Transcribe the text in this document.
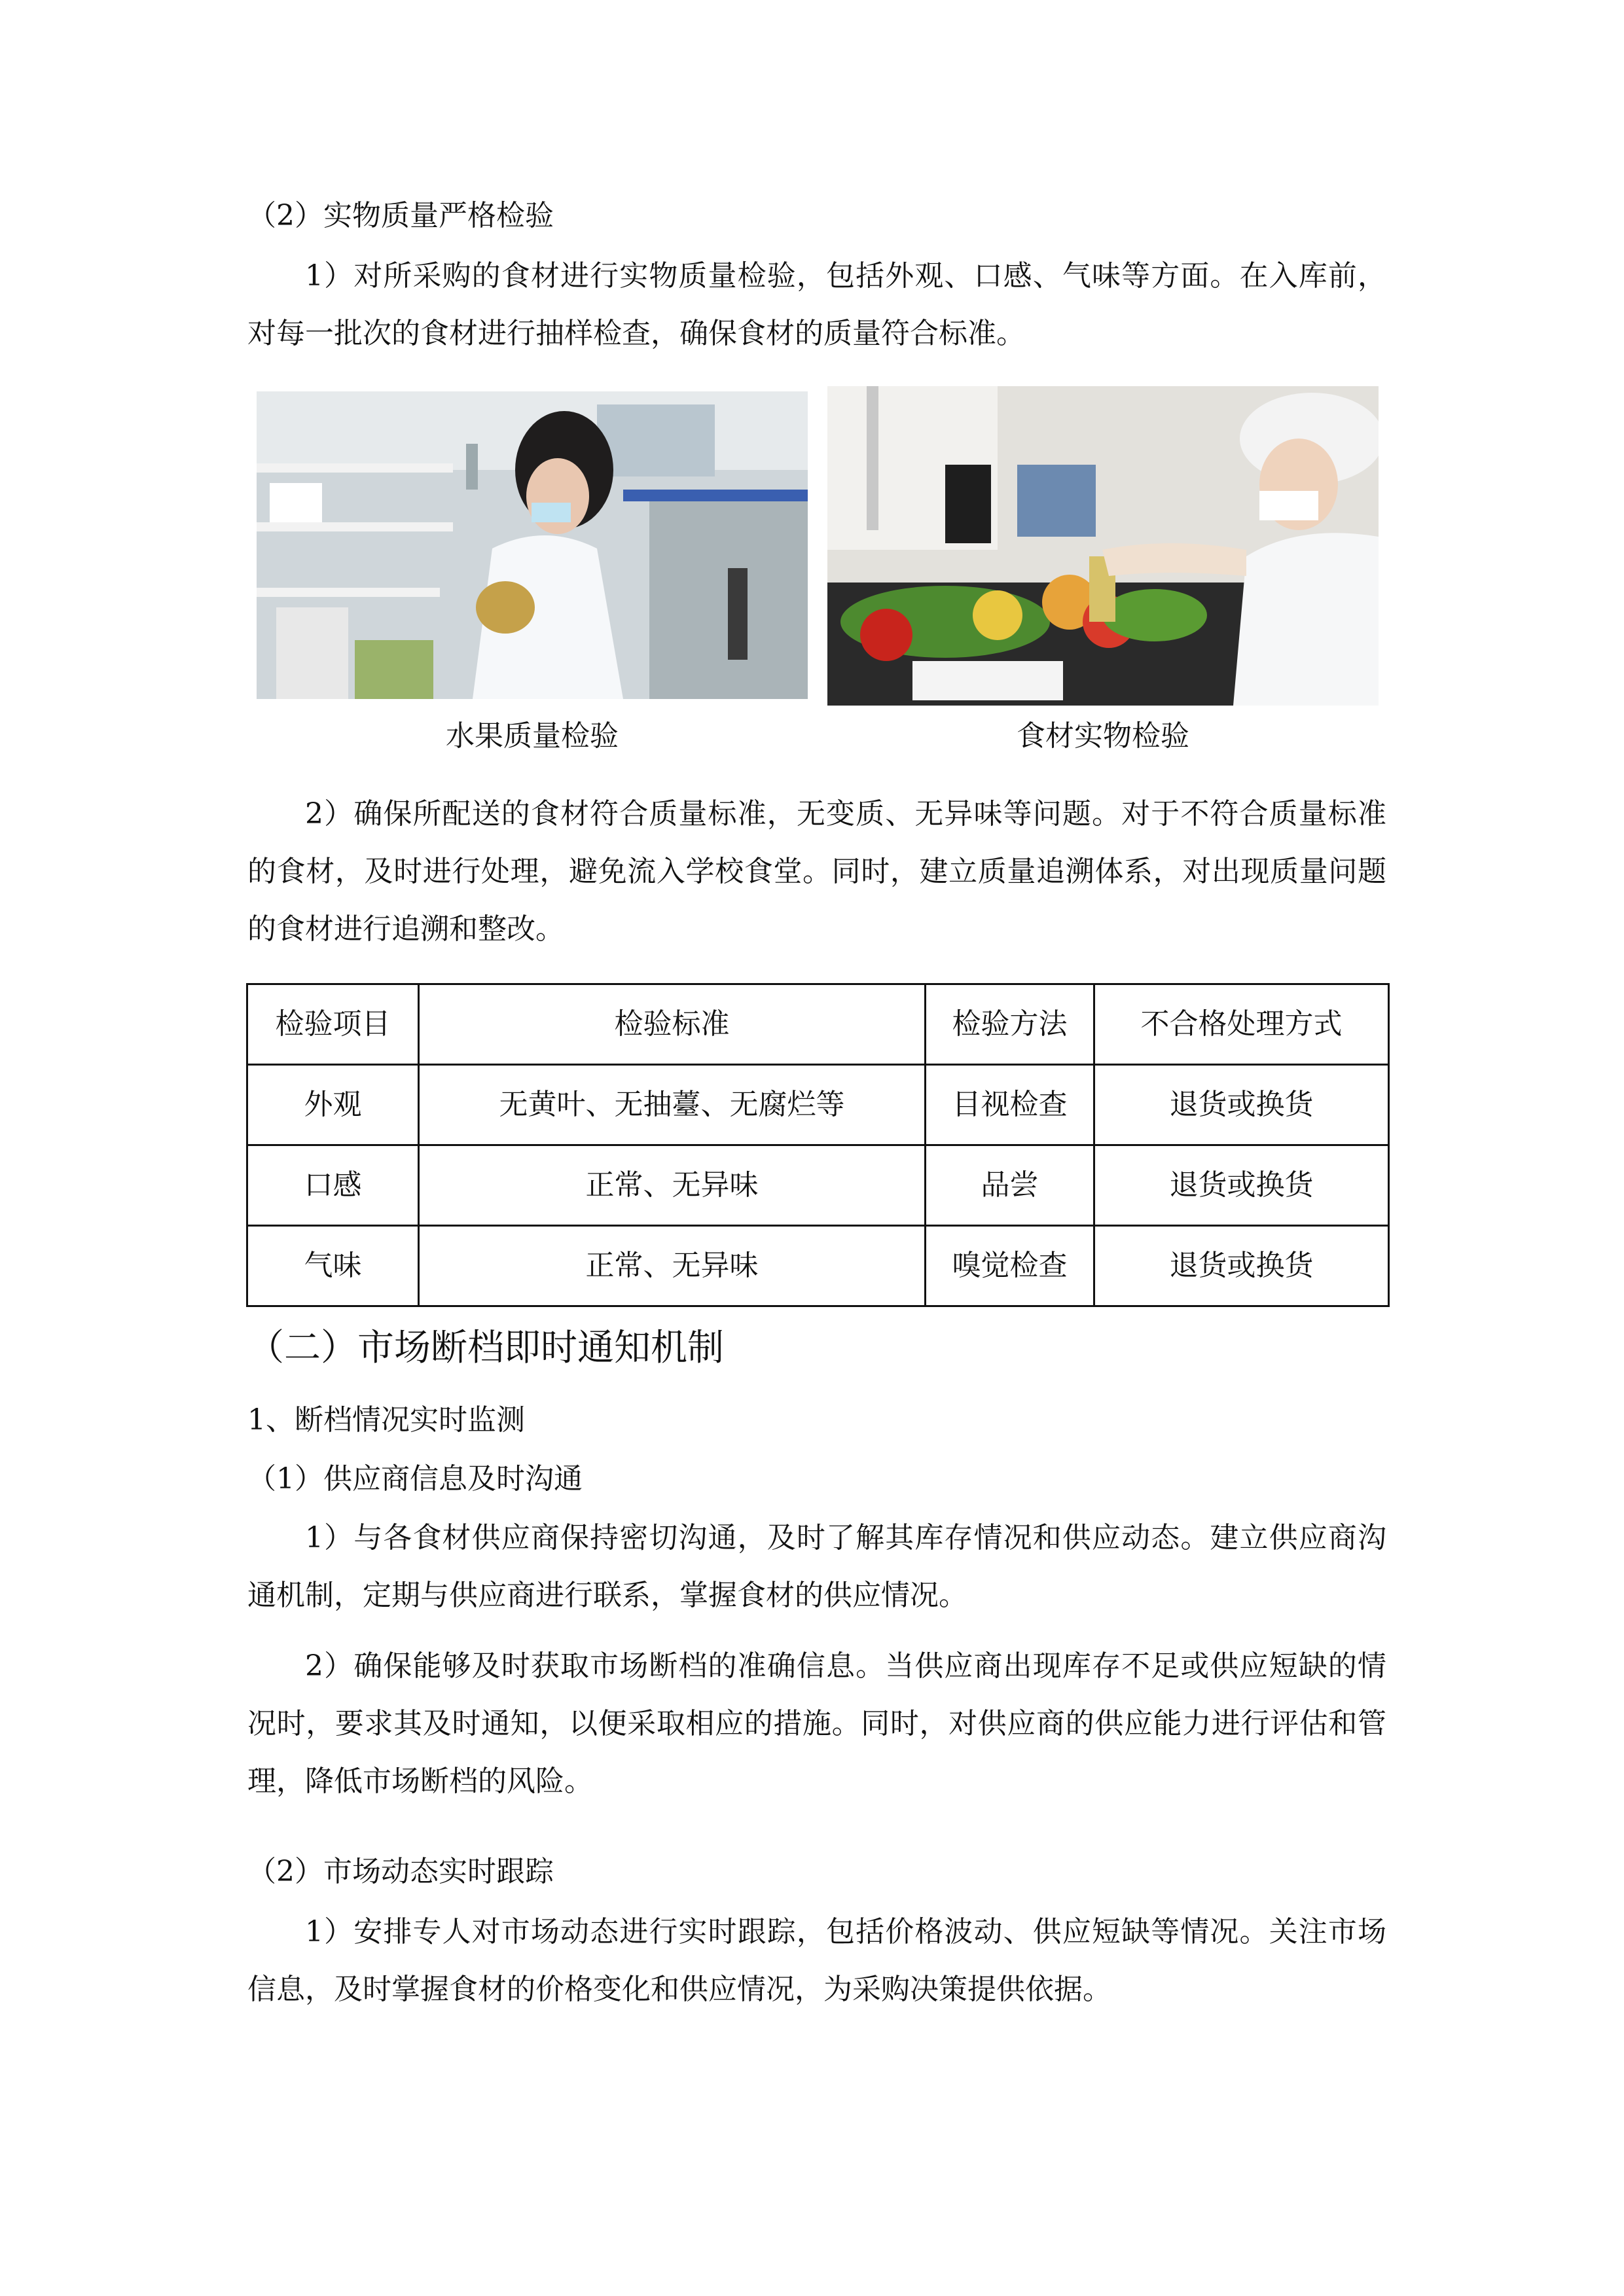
（2）实物质量严格检验
1）对所采购的食材进行实物质量检验，包括外观、口感、气味等方面。在入库前，对每一批次的食材进行抽样检查，确保食材的质量符合标准。
水果质量检验	食材实物检验
2）确保所配送的食材符合质量标准，无变质、无异味等问题。对于不符合质量标准的食材，及时进行处理，避免流入学校食堂。同时，建立质量追溯体系，对出现质量问题的食材进行追溯和整改。
检验项目	检验标准	检验方法	不合格处理方式
外观	无黄叶、无抽薹、无腐烂等	目视检查	退货或换货
口感	正常、无异味	品尝	退货或换货
气味	正常、无异味	嗅觉检查	退货或换货
（二）市场断档即时通知机制
1、断档情况实时监测
（1）供应商信息及时沟通
1）与各食材供应商保持密切沟通，及时了解其库存情况和供应动态。建立供应商沟通机制，定期与供应商进行联系，掌握食材的供应情况。
2）确保能够及时获取市场断档的准确信息。当供应商出现库存不足或供应短缺的情况时，要求其及时通知，以便采取相应的措施。同时，对供应商的供应能力进行评估和管理，降低市场断档的风险。
（2）市场动态实时跟踪
1）安排专人对市场动态进行实时跟踪，包括价格波动、供应短缺等情况。关注市场信息，及时掌握食材的价格变化和供应情况，为采购决策提供依据。
